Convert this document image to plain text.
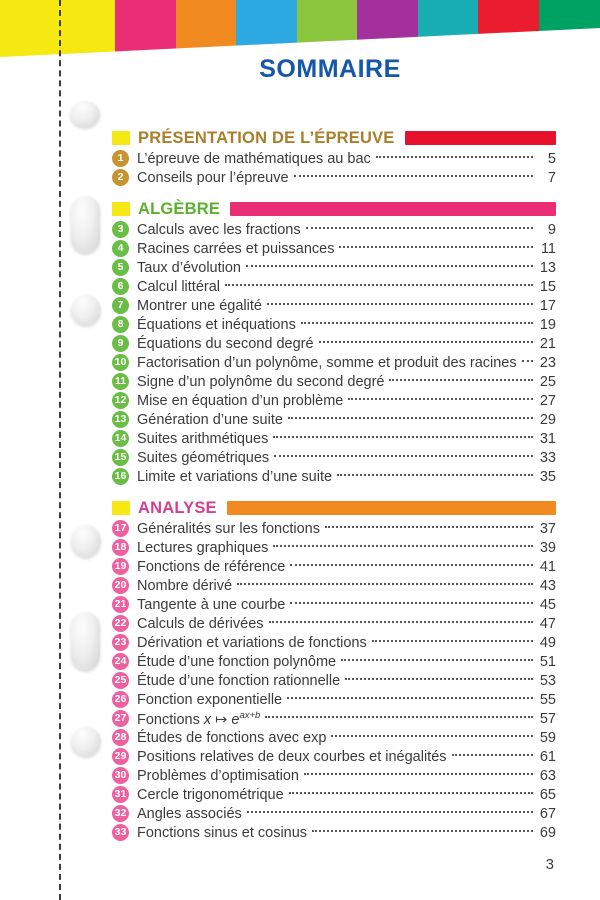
SOMMAIRE
PRÉSENTATION DE L’ÉPREUVE
1 L’épreuve de mathématiques au bac	5
2 Conseils pour l’épreuve	7
ALGÈBRE
3 Calculs avec les fractions	9
4 Racines carrées et puissances	11
5 Taux d’évolution	13
6 Calcul littéral	15
7 Montrer une égalité	17
8 Équations et inéquations	19
9 Équations du second degré	21
10 Factorisation d’un polynôme, somme et produit des racines 23
11 Signe d’un polynôme du second degré	25
12 Mise en équation d’un problème	27
13 Génération d’une suite	29
14 Suites arithmétiques	31
15 Suites géométriques	33
16 Limite et variations d’une suite	35
ANALYSE
17 Généralités sur les fonctions	37
18 Lectures graphiques	39
19 Fonctions de référence	41
20 Nombre dérivé	43
21 Tangente à une courbe	45
22 Calculs de dérivées	47
23 Dérivation et variations de fonctions	49
24 Étude d’une fonction polynôme	51
25 Étude d’une fonction rationnelle	53
26 Fonction exponentielle	55
27 Fonctions x ↦ $e^{ax+b}$	57
28 Études de fonctions avec exp	59
29 Positions relatives de deux courbes et inégalités	61
30 Problèmes d’optimisation	63
31 Cercle trigonométrique	65
32 Angles associés	67
33 Fonctions sinus et cosinus	69
3
